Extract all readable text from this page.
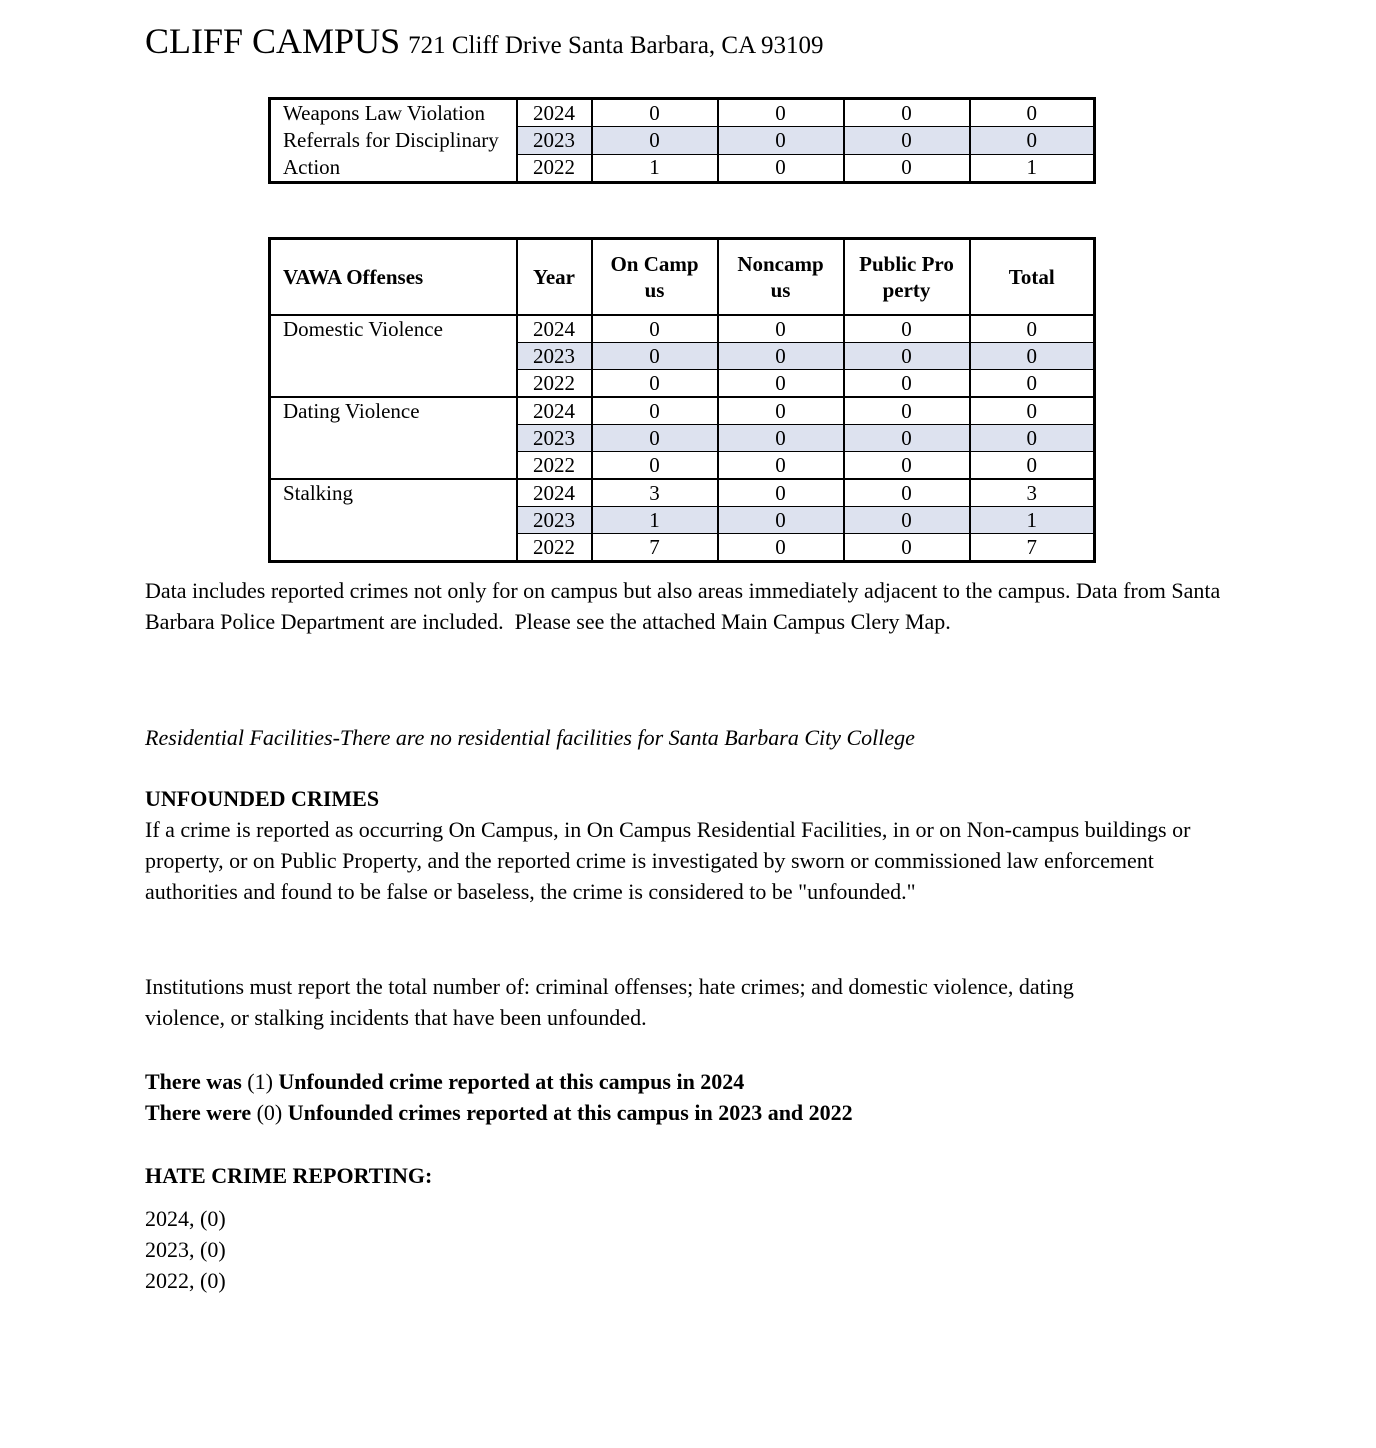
CLIFF CAMPUS 721 Cliff Drive Santa Barbara, CA 93109
Weapons Law Violation Referrals for Disciplinary Action	2024	0	0	0	0
	2023	0	0	0	0
	2022	1	0	0	1
VAWA Offenses	Year	On Campus	Noncampus	Public Property	Total
Domestic Violence	2024	0	0	0	0
	2023	0	0	0	0
	2022	0	0	0	0
Dating Violence	2024	0	0	0	0
	2023	0	0	0	0
	2022	0	0	0	0
Stalking	2024	3	0	0	3
	2023	1	0	0	1
	2022	7	0	0	7
Data includes reported crimes not only for on campus but also areas immediately adjacent to the campus. Data from Santa Barbara Police Department are included.  Please see the attached Main Campus Clery Map.
Residential Facilities-There are no residential facilities for Santa Barbara City College
UNFOUNDED CRIMES
If a crime is reported as occurring On Campus, in On Campus Residential Facilities, in or on Non-campus buildings or property, or on Public Property, and the reported crime is investigated by sworn or commissioned law enforcement authorities and found to be false or baseless, the crime is considered to be "unfounded."
Institutions must report the total number of: criminal offenses; hate crimes; and domestic violence, dating violence, or stalking incidents that have been unfounded.
There was (1) Unfounded crime reported at this campus in 2024
There were (0) Unfounded crimes reported at this campus in 2023 and 2022
HATE CRIME REPORTING:
2024, (0)
2023, (0)
2022, (0)
